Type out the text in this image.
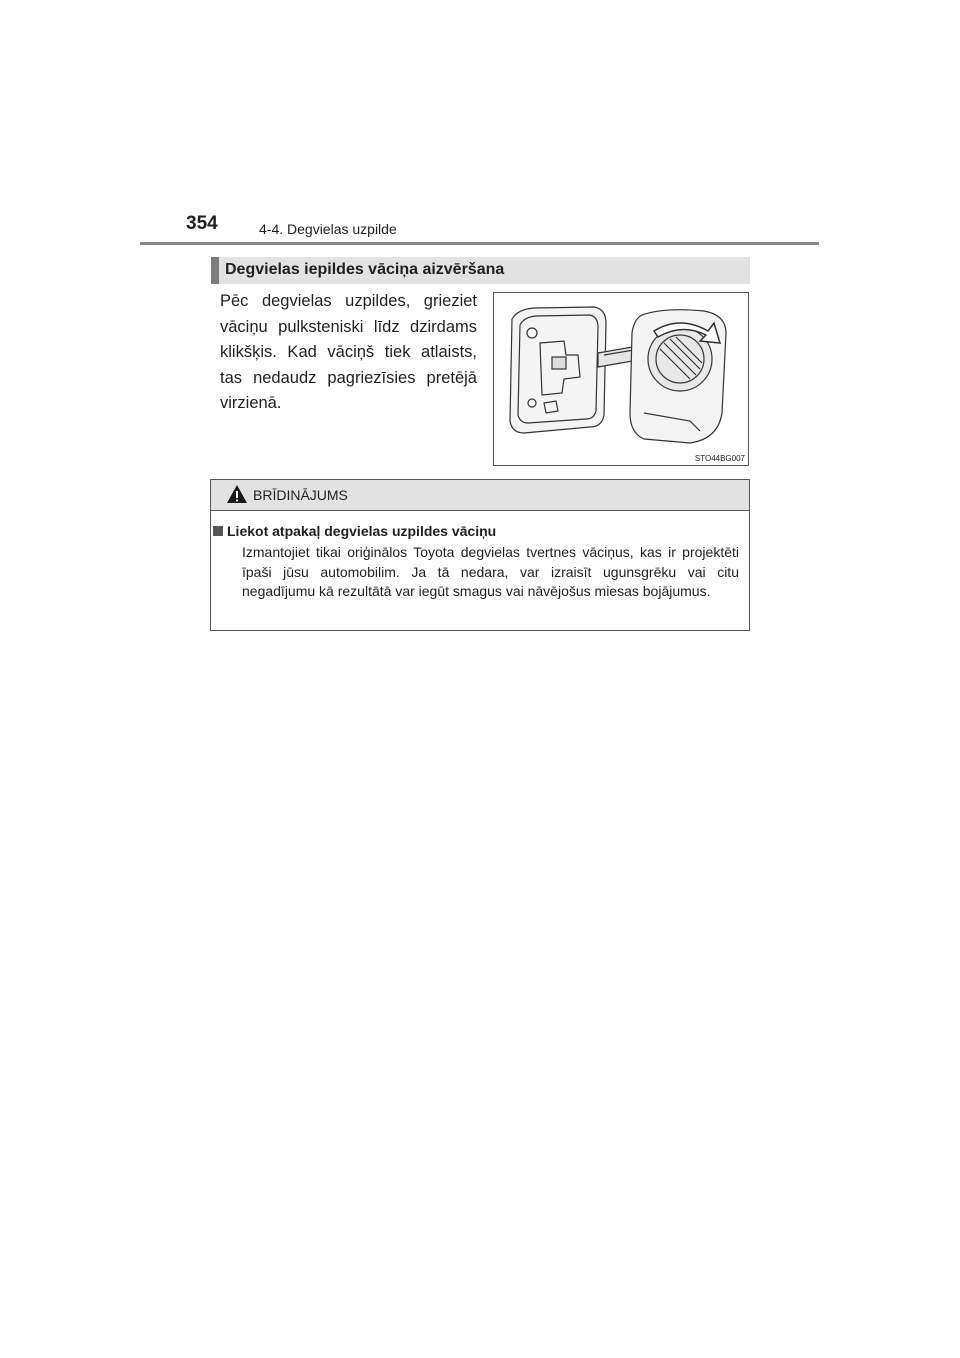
354	4-4. Degvielas uzpilde
Degvielas iepildes vāciņa aizvēršana
Pēc degvielas uzpildes, grieziet vāciņu pulksteniski līdz dzirdams klikšķis. Kad vāciņš tiek atlaists, tas nedaudz pagriezīsies pretējā virzienā.
STO44BG007
BRĪDINĀJUMS
Liekot atpakaļ degvielas uzpildes vāciņu
Izmantojiet tikai oriģinālos Toyota degvielas tvertnes vāciņus, kas ir projektēti īpaši jūsu automobilim. Ja tā nedara, var izraisīt ugunsgrēku vai citu negadījumu kā rezultātā var iegūt smagus vai nāvējošus miesas bojājumus.
